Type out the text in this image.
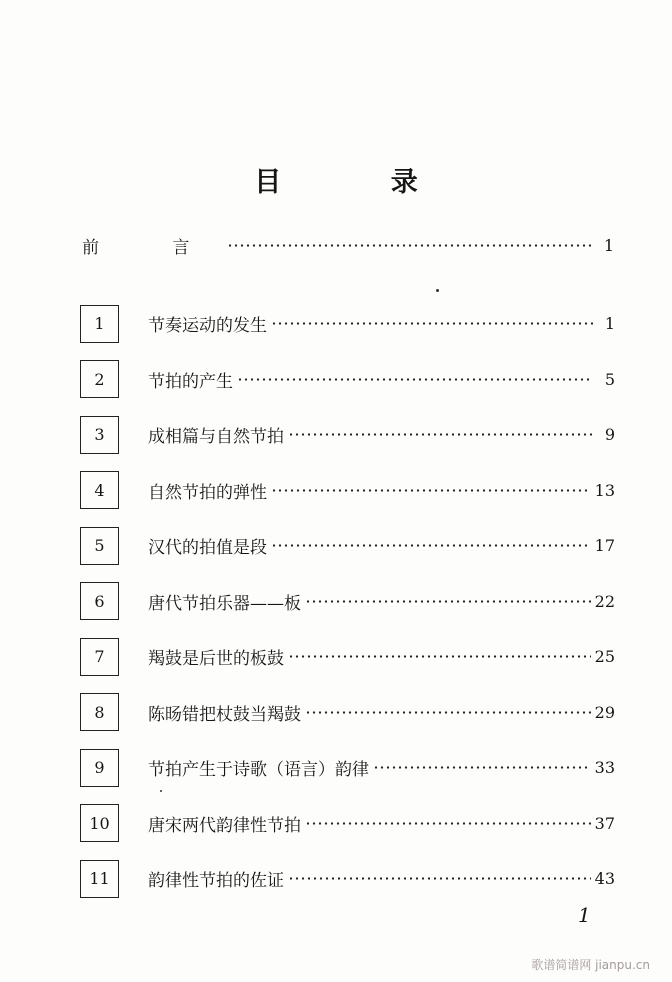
目 录
前 言	1
1	节奏运动的发生	1
2	节拍的产生	5
3	成相篇与自然节拍	9
4	自然节拍的弹性	13
5	汉代的拍值是段	17
6	唐代节拍乐器——板	22
7	羯鼓是后世的板鼓	25
8	陈旸错把杖鼓当羯鼓	29
9	节拍产生于诗歌（语言）韵律	33
10	唐宋两代韵律性节拍	37
11	韵律性节拍的佐证	43
1
歌谱简谱网 jianpu.cn
